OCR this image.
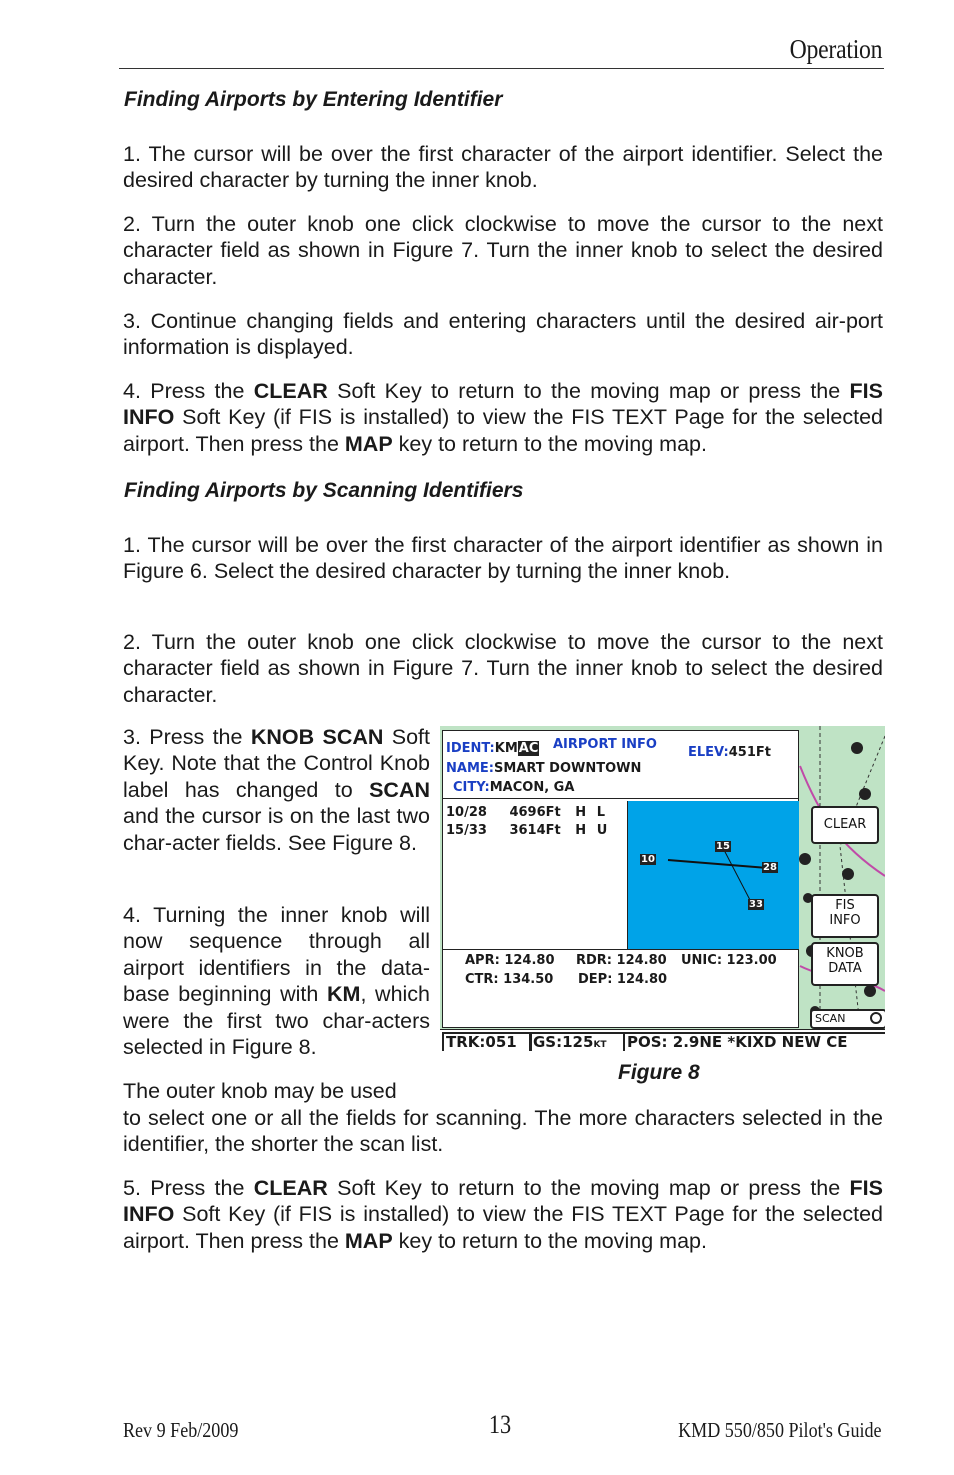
Operation
Finding Airports by Entering Identifier
1. The cursor will be over the first character of the airport identifier. Select the desired character by turning the inner knob.
2. Turn the outer knob one click clockwise to move the cursor to the next character field as shown in Figure 7. Turn the inner knob to select the desired character.
3. Continue changing fields and entering characters until the desired air-port information is displayed.
4. Press the CLEAR Soft Key to return to the moving map or press the FIS INFO Soft Key (if FIS is installed) to view the FIS TEXT Page for the selected airport. Then press the MAP key to return to the moving map.
Finding Airports by Scanning Identifiers
1. The cursor will be over the first character of the airport identifier as shown in Figure 6. Select the desired character by turning the inner knob.
2. Turn the outer knob one click clockwise to move the cursor to the next character field as shown in Figure 7. Turn the inner knob to select the desired character.
3. Press the KNOB SCAN Soft Key. Note that the Control Knob label has changed to SCAN and the cursor is on the last two char-acter fields. See Figure 8.
4. Turning the inner knob will now sequence through all airport identifiers in the data-base beginning with KM, which were the first two char-acters selected in Figure 8.
The outer knob may be used
to select one or all the fields for scanning. The more characters selected in the identifier, the shorter the scan list.
5. Press the CLEAR Soft Key to return to the moving map or press the FIS INFO Soft Key (if FIS is installed) to view the FIS TEXT Page for the selected airport. Then press the MAP key to return to the moving map.
IDENT:KMAC AIRPORT INFO
ELEV:451Ft
NAME:SMART DOWNTOWN
CITY:MACON, GA
10/28 4696Ft H L
15/33 3614Ft H U
10
15
28
33
APR: 124.80 RDR: 124.80 UNIC: 123.00
CTR: 134.50 DEP: 124.80
CLEAR
FIS
INFO
KNOB
DATA
SCAN
TRK:051	GS:125KT	POS: 2.9NE *KIXD NEW CE
Figure 8
Rev 9 Feb/2009	13	KMD 550/850 Pilot's Guide
